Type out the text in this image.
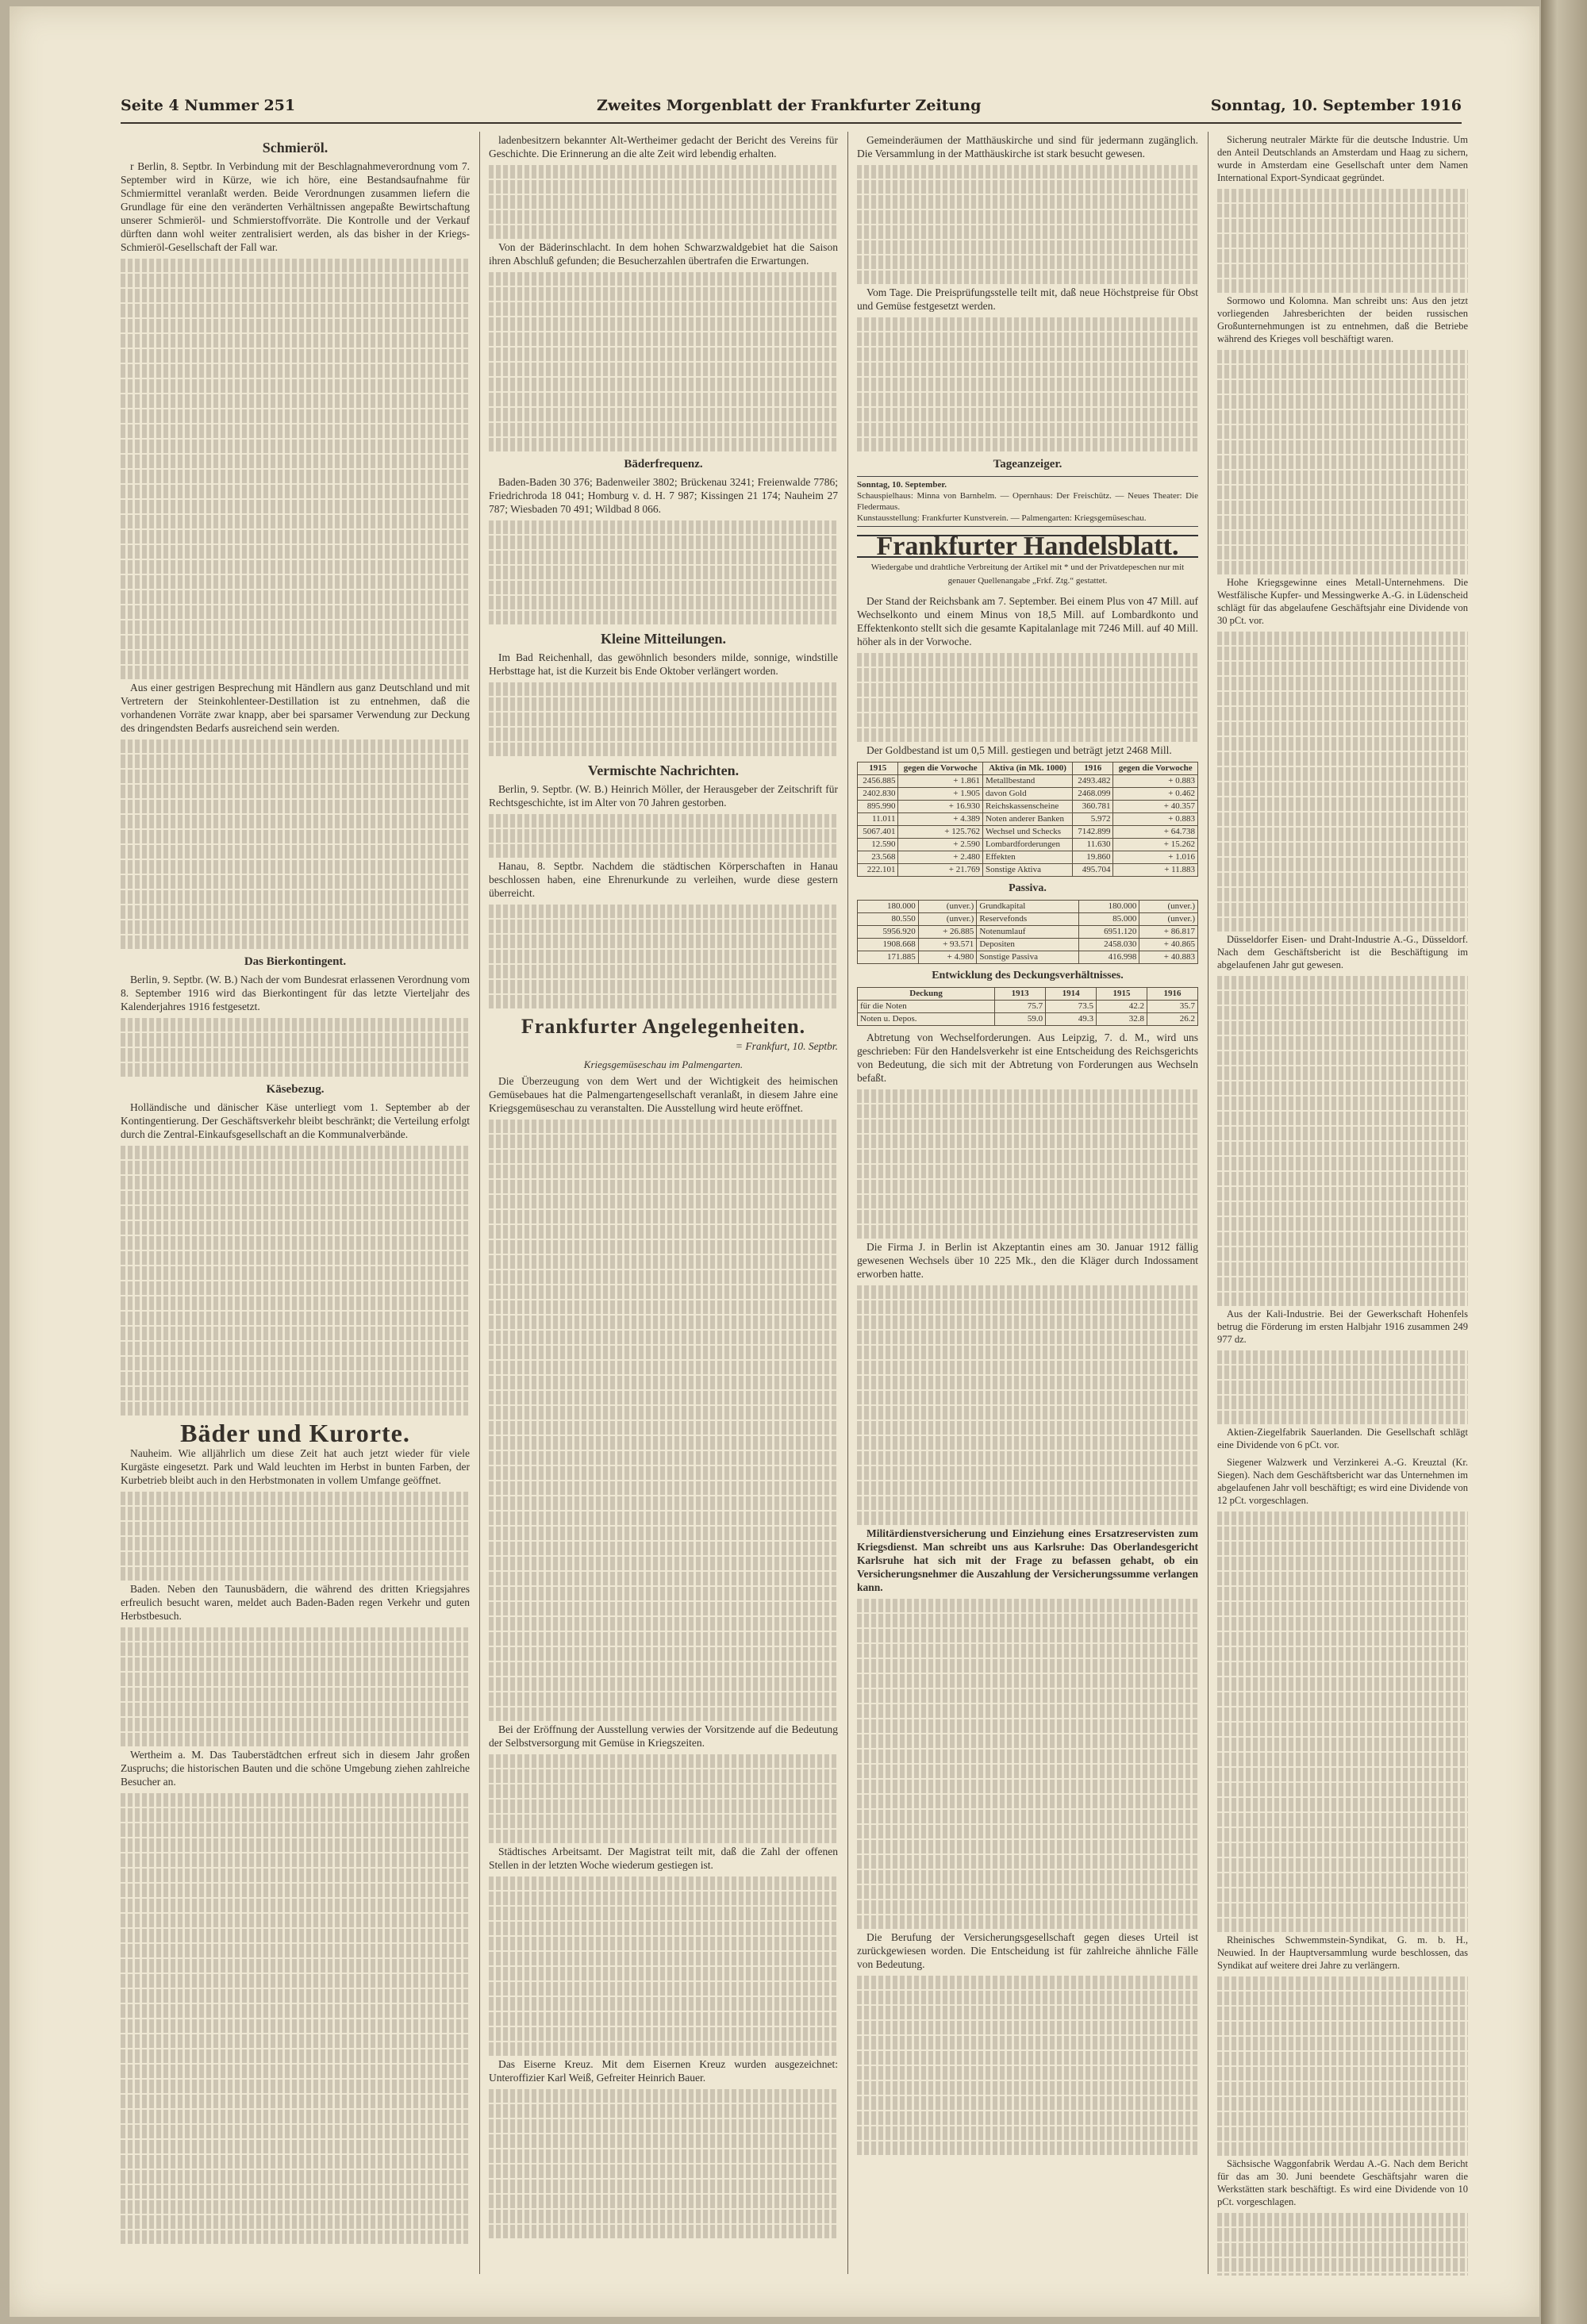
Seite 4 Nummer 251	Zweites Morgenblatt der Frankfurter Zeitung	Sonntag, 10. September 1916
Schmieröl.

r Berlin, 8. Septbr. In Verbindung mit der Beschlagnahmeverordnung vom 7. September wird in Kürze, wie ich höre, eine Bestandsaufnahme für Schmiermittel veranlaßt werden. Beide Verordnungen zusammen liefern die Grundlage für eine den veränderten Verhältnissen angepaßte Bewirtschaftung unserer Schmieröl- und Schmierstoffvorräte. Die Kontrolle und der Verkauf dürften dann wohl weiter zentralisiert werden, als das bisher in der Kriegs-Schmieröl-Gesellschaft der Fall war.

Aus einer gestrigen Besprechung mit Händlern aus ganz Deutschland und mit Vertretern der Steinkohlenteer-Destillation ist zu entnehmen, daß die vorhandenen Vorräte zwar knapp, aber bei sparsamer Verwendung zur Deckung des dringendsten Bedarfs ausreichend sein werden.

Das Bierkontingent.

Berlin, 9. Septbr. (W. B.) Nach der vom Bundesrat erlassenen Verordnung vom 8. September 1916 wird das Bierkontingent für das letzte Vierteljahr des Kalenderjahres 1916 festgesetzt.

Käsebezug.

Holländische und dänischer Käse unterliegt vom 1. September ab der Kontingentierung. Der Geschäftsverkehr bleibt beschränkt; die Verteilung erfolgt durch die Zentral-Einkaufsgesellschaft an die Kommunalverbände.

Bäder und Kurorte.

Nauheim. Wie alljährlich um diese Zeit hat auch jetzt wieder für viele Kurgäste eingesetzt. Park und Wald leuchten im Herbst in bunten Farben, der Kurbetrieb bleibt auch in den Herbstmonaten in vollem Umfange geöffnet.

Baden. Neben den Taunusbädern, die während des dritten Kriegsjahres erfreulich besucht waren, meldet auch Baden-Baden regen Verkehr und guten Herbstbesuch.

Wertheim a. M. Das Tauberstädtchen erfreut sich in diesem Jahr großen Zuspruchs; die historischen Bauten und die schöne Umgebung ziehen zahlreiche Besucher an.

ladenbesitzern bekannter Alt-Wertheimer gedacht der Bericht des Vereins für Geschichte. Die Erinnerung an die alte Zeit wird lebendig erhalten.

Von der Bäderinschlacht. In dem hohen Schwarzwaldgebiet hat die Saison ihren Abschluß gefunden; die Besucherzahlen übertrafen die Erwartungen.

Bäderfrequenz.

Baden-Baden 30 376; Badenweiler 3802; Brückenau 3241; Freienwalde 7786; Friedrichroda 18 041; Homburg v. d. H. 7 987; Kissingen 21 174; Nauheim 27 787; Wiesbaden 70 491; Wildbad 8 066.

Kleine Mitteilungen.

Im Bad Reichenhall, das gewöhnlich besonders milde, sonnige, windstille Herbsttage hat, ist die Kurzeit bis Ende Oktober verlängert worden.

Vermischte Nachrichten.

Berlin, 9. Septbr. (W. B.) Heinrich Möller, der Herausgeber der Zeitschrift für Rechtsgeschichte, ist im Alter von 70 Jahren gestorben.

Hanau, 8. Septbr. Nachdem die städtischen Körperschaften in Hanau beschlossen haben, eine Ehrenurkunde zu verleihen, wurde diese gestern überreicht.

Frankfurter Angelegenheiten.
= Frankfurt, 10. Septbr.
Kriegsgemüseschau im Palmengarten.

Die Überzeugung von dem Wert und der Wichtigkeit des heimischen Gemüsebaues hat die Palmengartengesellschaft veranlaßt, in diesem Jahre eine Kriegsgemüseschau zu veranstalten. Die Ausstellung wird heute eröffnet.

Bei der Eröffnung der Ausstellung verwies der Vorsitzende auf die Bedeutung der Selbstversorgung mit Gemüse in Kriegszeiten.

Städtisches Arbeitsamt. Der Magistrat teilt mit, daß die Zahl der offenen Stellen in der letzten Woche wiederum gestiegen ist.

Das Eiserne Kreuz. Mit dem Eisernen Kreuz wurden ausgezeichnet: Unteroffizier Karl Weiß, Gefreiter Heinrich Bauer.

Gemeinderäumen der Matthäuskirche und sind für jedermann zugänglich. Die Versammlung in der Matthäuskirche ist stark besucht gewesen.

Vom Tage. Die Preisprüfungsstelle teilt mit, daß neue Höchstpreise für Obst und Gemüse festgesetzt werden.

Tageanzeiger.
Sonntag, 10. September.
Schauspielhaus: Minna von Barnhelm. — Opernhaus: Der Freischütz. — Neues Theater: Die Fledermaus.
Kunstausstellung: Frankfurter Kunstverein. — Palmengarten: Kriegsgemüseschau.
Frankfurter Handelsblatt.
Wiedergabe und drahtliche Verbreitung der Artikel mit * und der Privatdepeschen nur mit genauer Quellenangabe „Frkf. Ztg.“ gestattet.

Der Stand der Reichsbank am 7. September. Bei einem Plus von 47 Mill. auf Wechselkonto und einem Minus von 18,5 Mill. auf Lombardkonto und Effektenkonto stellt sich die gesamte Kapitalanlage mit 7246 Mill. auf 40 Mill. höher als in der Vorwoche.

Der Goldbestand ist um 0,5 Mill. gestiegen und beträgt jetzt 2468 Mill.

1915	gegen die Vorwoche	Aktiva (in Mk. 1000)	1916	gegen die Vorwoche
2456.885	+ 1.861	Metallbestand	2493.482	+ 0.883
2402.830	+ 1.905	davon Gold	2468.099	+ 0.462
895.990	+ 16.930	Reichskassenscheine	360.781	+ 40.357
11.011	+ 4.389	Noten anderer Banken	5.972	+ 0.883
5067.401	+ 125.762	Wechsel und Schecks	7142.899	+ 64.738
12.590	+ 2.590	Lombardforderungen	11.630	+ 15.262
23.568	+ 2.480	Effekten	19.860	+ 1.016
222.101	+ 21.769	Sonstige Aktiva	495.704	+ 11.883
Passiva.
180.000	(unver.)	Grundkapital	180.000	(unver.)
80.550	(unver.)	Reservefonds	85.000	(unver.)
5956.920	+ 26.885	Notenumlauf	6951.120	+ 86.817
1908.668	+ 93.571	Depositen	2458.030	+ 40.865
171.885	+ 4.980	Sonstige Passiva	416.998	+ 40.883
Entwicklung des Deckungsverhältnisses.
Deckung	1913	1914	1915	1916
für die Noten	75.7	73.5	42.2	35.7
Noten u. Depos.	59.0	49.3	32.8	26.2

Abtretung von Wechselforderungen. Aus Leipzig, 7. d. M., wird uns geschrieben: Für den Handelsverkehr ist eine Entscheidung des Reichsgerichts von Bedeutung, die sich mit der Abtretung von Forderungen aus Wechseln befaßt.

Die Firma J. in Berlin ist Akzeptantin eines am 30. Januar 1912 fällig gewesenen Wechsels über 10 225 Mk., den die Kläger durch Indossament erworben hatte.

Militärdienstversicherung und Einziehung eines Ersatzreservisten zum Kriegsdienst. Man schreibt uns aus Karlsruhe: Das Oberlandesgericht Karlsruhe hat sich mit der Frage zu befassen gehabt, ob ein Versicherungsnehmer die Auszahlung der Versicherungssumme verlangen kann.

Die Berufung der Versicherungsgesellschaft gegen dieses Urteil ist zurückgewiesen worden. Die Entscheidung ist für zahlreiche ähnliche Fälle von Bedeutung.

Sicherung neutraler Märkte für die deutsche Industrie. Um den Anteil Deutschlands an Amsterdam und Haag zu sichern, wurde in Amsterdam eine Gesellschaft unter dem Namen International Export-Syndicaat gegründet.

Sormowo und Kolomna. Man schreibt uns: Aus den jetzt vorliegenden Jahresberichten der beiden russischen Großunternehmungen ist zu entnehmen, daß die Betriebe während des Krieges voll beschäftigt waren.

Hohe Kriegsgewinne eines Metall-Unternehmens. Die Westfälische Kupfer- und Messingwerke A.-G. in Lüdenscheid schlägt für das abgelaufene Geschäftsjahr eine Dividende von 30 pCt. vor.

Düsseldorfer Eisen- und Draht-Industrie A.-G., Düsseldorf. Nach dem Geschäftsbericht ist die Beschäftigung im abgelaufenen Jahr gut gewesen.

Aus der Kali-Industrie. Bei der Gewerkschaft Hohenfels betrug die Förderung im ersten Halbjahr 1916 zusammen 249 977 dz.

Aktien-Ziegelfabrik Sauerlanden. Die Gesellschaft schlägt eine Dividende von 6 pCt. vor.

Siegener Walzwerk und Verzinkerei A.-G. Kreuztal (Kr. Siegen). Nach dem Geschäftsbericht war das Unternehmen im abgelaufenen Jahr voll beschäftigt; es wird eine Dividende von 12 pCt. vorgeschlagen.

Rheinisches Schwemmstein-Syndikat, G. m. b. H., Neuwied. In der Hauptversammlung wurde beschlossen, das Syndikat auf weitere drei Jahre zu verlängern.

Sächsische Waggonfabrik Werdau A.-G. Nach dem Bericht für das am 30. Juni beendete Geschäftsjahr waren die Werkstätten stark beschäftigt. Es wird eine Dividende von 10 pCt. vorgeschlagen.
